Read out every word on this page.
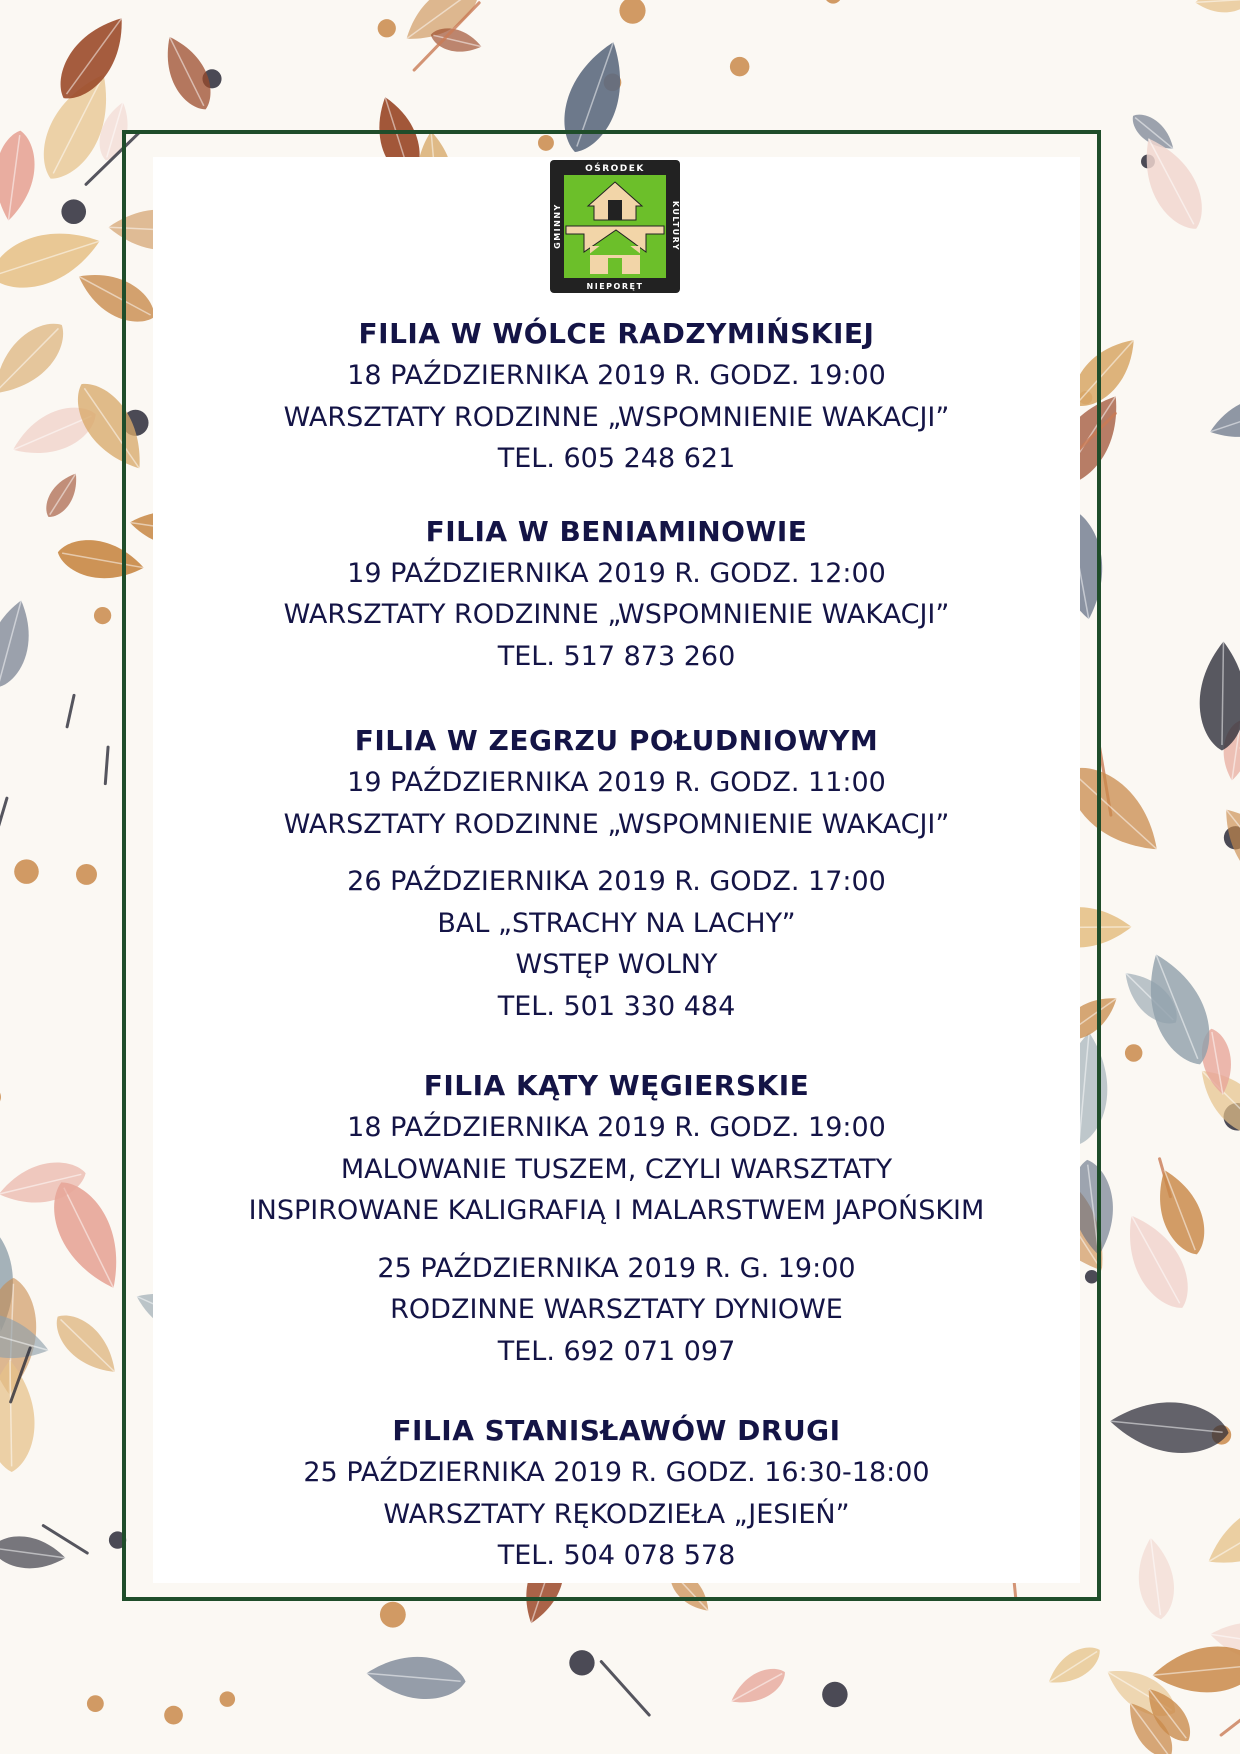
OŚRODEK
NIEPORĘT
GMINNY	KULTURY
FILIA W WÓLCE RADZYMIŃSKIEJ
18 PAŹDZIERNIKA 2019 R. GODZ. 19:00
WARSZTATY RODZINNE „WSPOMNIENIE WAKACJI”
TEL. 605 248 621
FILIA W BENIAMINOWIE
19 PAŹDZIERNIKA 2019 R. GODZ. 12:00
WARSZTATY RODZINNE „WSPOMNIENIE WAKACJI”
TEL. 517 873 260
FILIA W ZEGRZU POŁUDNIOWYM
19 PAŹDZIERNIKA 2019 R. GODZ. 11:00
WARSZTATY RODZINNE „WSPOMNIENIE WAKACJI”
26 PAŹDZIERNIKA 2019 R. GODZ. 17:00
BAL „STRACHY NA LACHY”
WSTĘP WOLNY
TEL. 501 330 484
FILIA KĄTY WĘGIERSKIE
18 PAŹDZIERNIKA 2019 R. GODZ. 19:00
MALOWANIE TUSZEM, CZYLI WARSZTATY
INSPIROWANE KALIGRAFIĄ I MALARSTWEM JAPOŃSKIM
25 PAŹDZIERNIKA 2019 R. G. 19:00
RODZINNE WARSZTATY DYNIOWE
TEL. 692 071 097
FILIA STANISŁAWÓW DRUGI
25 PAŹDZIERNIKA 2019 R. GODZ. 16:30-18:00
WARSZTATY RĘKODZIEŁA „JESIEŃ”
TEL. 504 078 578
